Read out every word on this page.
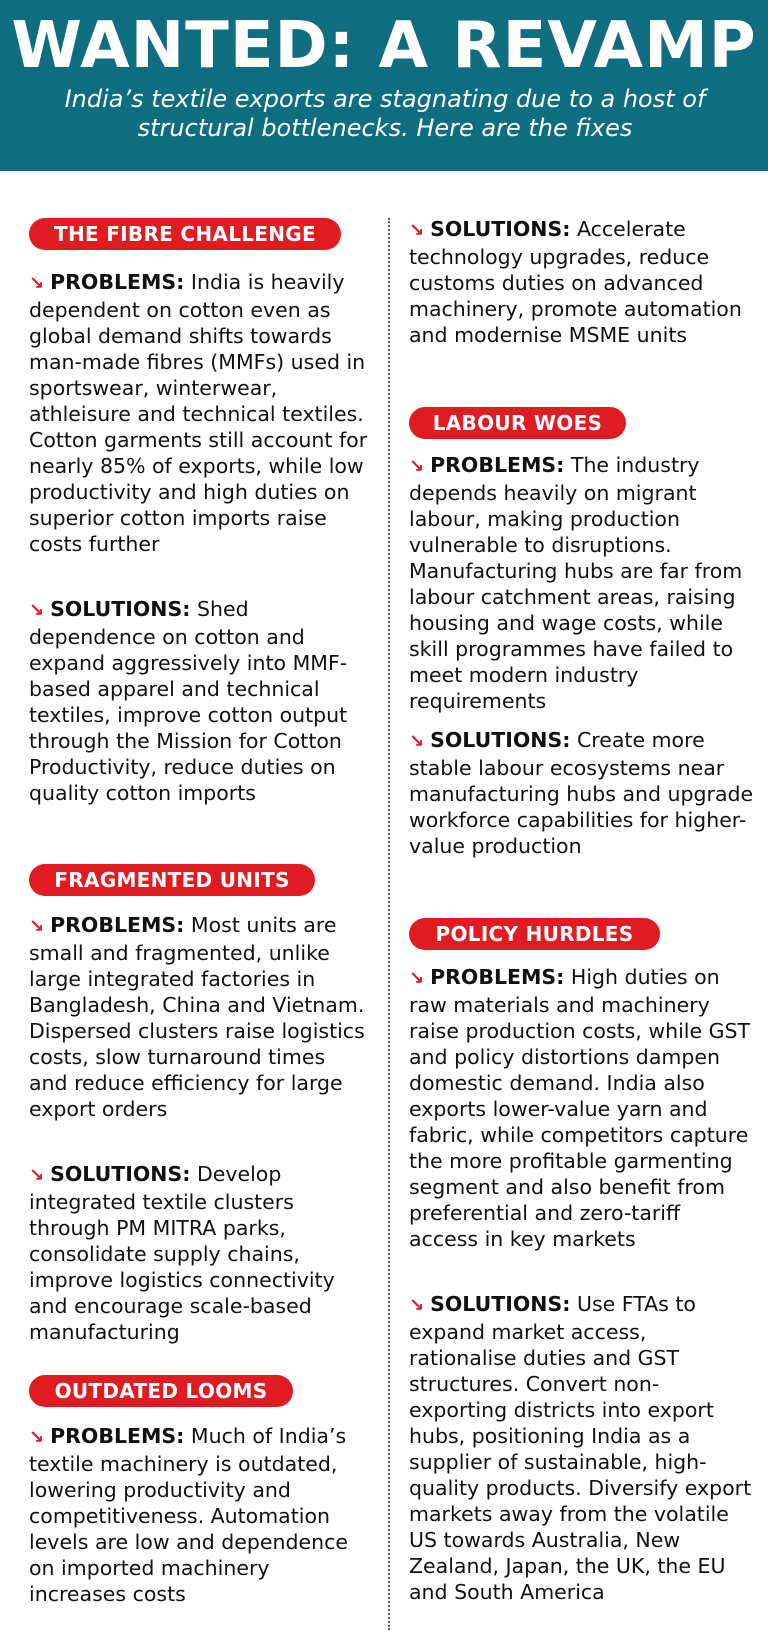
WANTED: A REVAMP
India’s textile exports are stagnating due to a host of structural bottlenecks. Here are the fixes
THE FIBRE CHALLENGE
↘ PROBLEMS: India is heavily dependent on cotton even as global demand shifts towards man-made fibres (MMFs) used in sportswear, winterwear, athleisure and technical textiles. Cotton garments still account for nearly 85% of exports, while low productivity and high duties on superior cotton imports raise costs further
↘ SOLUTIONS: Shed dependence on cotton and expand aggressively into MMF-based apparel and technical textiles, improve cotton output through the Mission for Cotton Productivity, reduce duties on quality cotton imports
FRAGMENTED UNITS
↘ PROBLEMS: Most units are small and fragmented, unlike large integrated factories in Bangladesh, China and Vietnam. Dispersed clusters raise logistics costs, slow turnaround times and reduce efficiency for large export orders
↘ SOLUTIONS: Develop integrated textile clusters through PM MITRA parks, consolidate supply chains, improve logistics connectivity and encourage scale-based manufacturing
OUTDATED LOOMS
↘ PROBLEMS: Much of India’s textile machinery is outdated, lowering productivity and competitiveness. Automation levels are low and dependence on imported machinery increases costs
↘ SOLUTIONS: Accelerate technology upgrades, reduce customs duties on advanced machinery, promote automation and modernise MSME units
LABOUR WOES
↘ PROBLEMS: The industry depends heavily on migrant labour, making production vulnerable to disruptions. Manufacturing hubs are far from labour catchment areas, raising housing and wage costs, while skill programmes have failed to meet modern industry requirements
↘ SOLUTIONS: Create more stable labour ecosystems near manufacturing hubs and upgrade workforce capabilities for higher-value production
POLICY HURDLES
↘ PROBLEMS: High duties on raw materials and machinery raise production costs, while GST and policy distortions dampen domestic demand. India also exports lower-value yarn and fabric, while competitors capture the more profitable garmenting segment and also benefit from preferential and zero-tariff access in key markets
↘ SOLUTIONS: Use FTAs to expand market access, rationalise duties and GST structures. Convert non-exporting districts into export hubs, positioning India as a supplier of sustainable, high-quality products. Diversify export markets away from the volatile US towards Australia, New Zealand, Japan, the UK, the EU and South America
